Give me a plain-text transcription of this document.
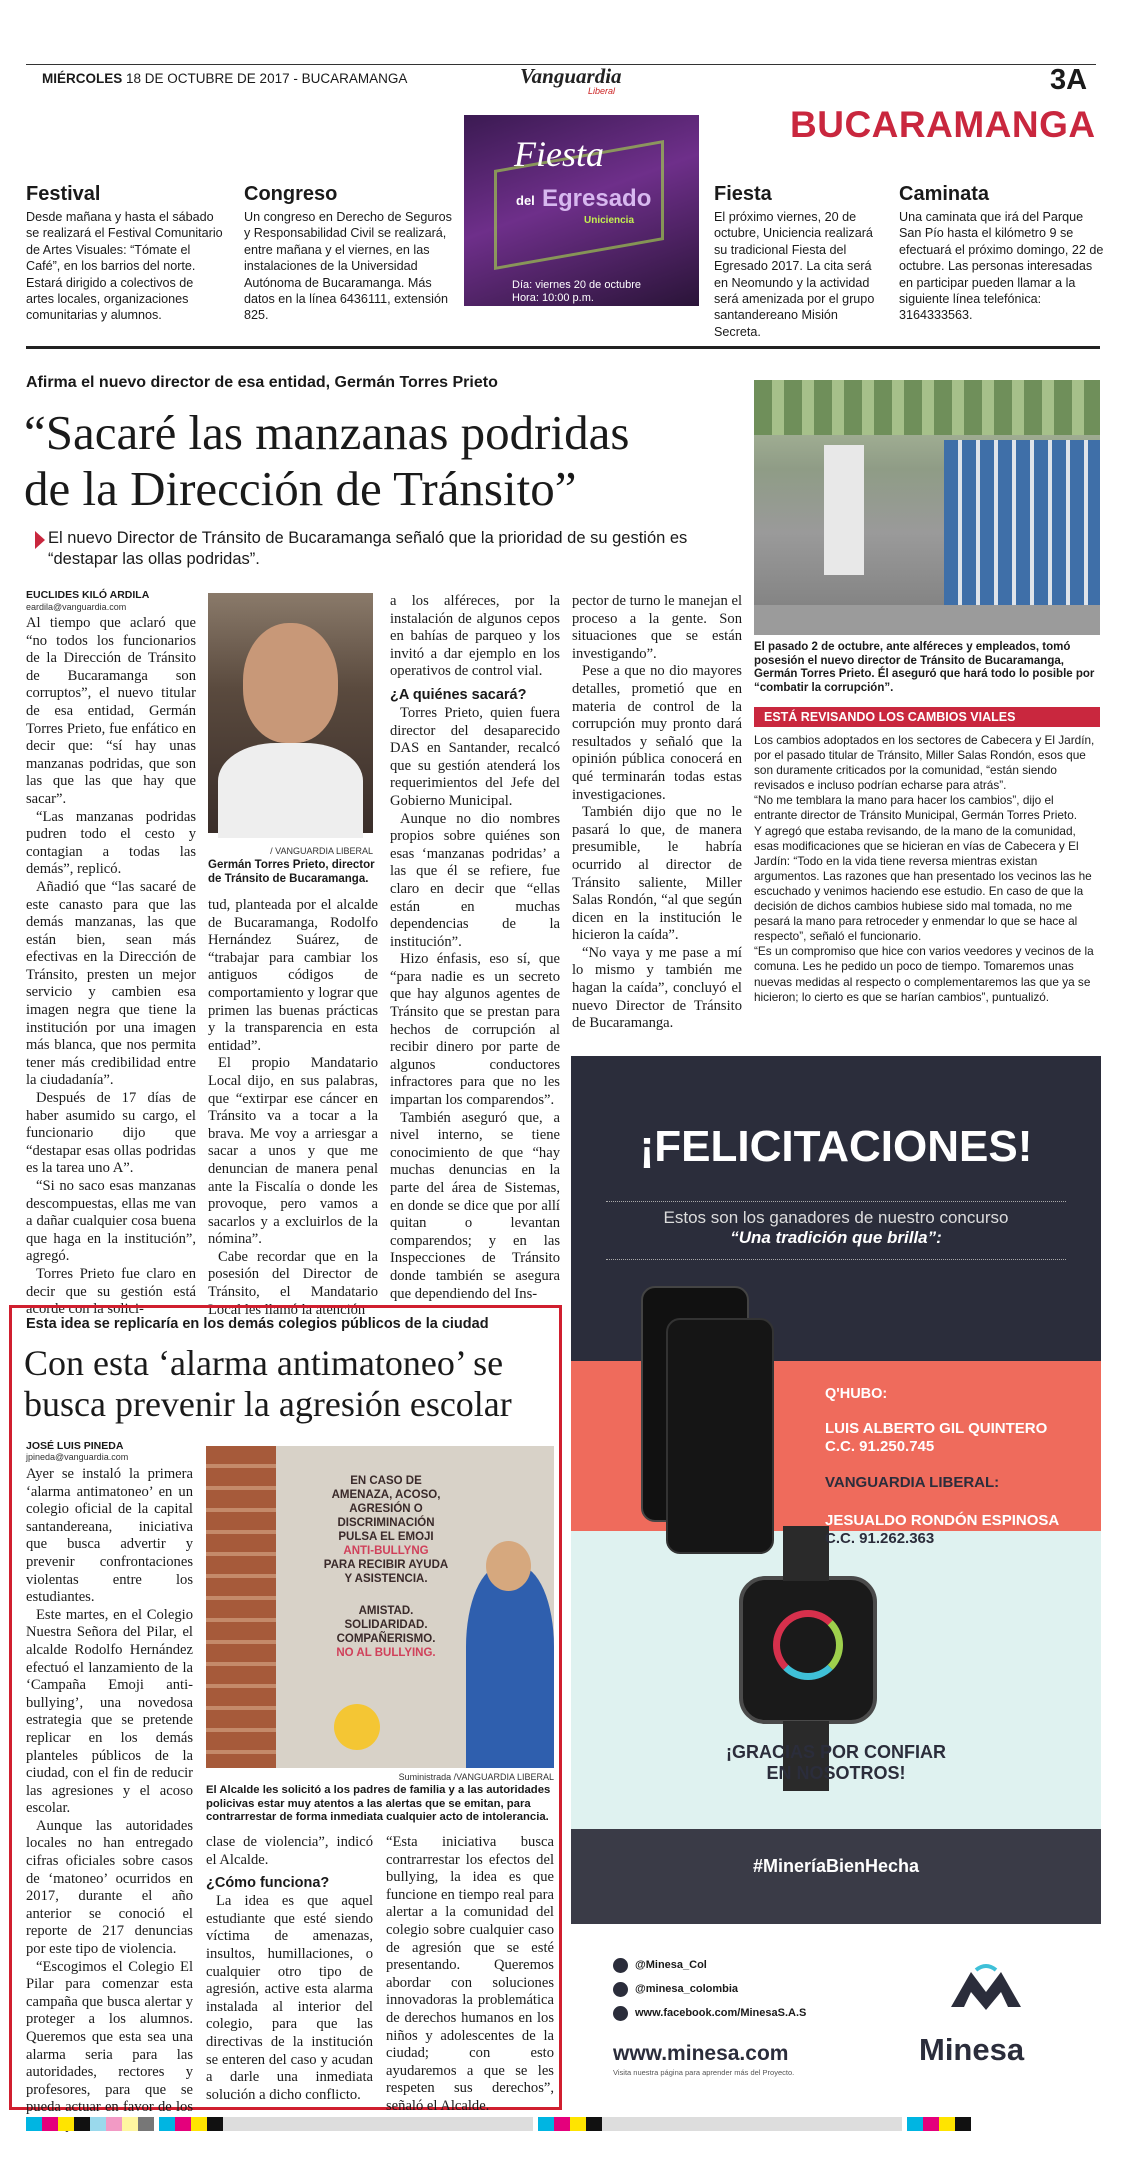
MIÉRCOLES 18 DE OCTUBRE DE 2017 - BUCARAMANGA	Vanguardia
Liberal	3A
BUCARAMANGA
Festival

Desde mañana y hasta el sábado se realizará el Festival Comunitario de Artes Visuales: “Tómate el Café”, en los barrios del norte. Estará dirigido a colectivos de artes locales, organizaciones comunitarias y alumnos.

Congreso

Un congreso en Derecho de Seguros y Responsabilidad Civil se realizará, entre mañana y el viernes, en las instalaciones de la Universidad Autónoma de Bucaramanga. Más datos en la línea 6436111, extensión 825.

Fiesta

El próximo viernes, 20 de octubre, Uniciencia realizará su tradicional Fiesta del Egresado 2017. La cita será en Neomundo y la actividad será amenizada por el grupo santandereano Misión Secreta.

Caminata

Una caminata que irá del Parque San Pío hasta el kilómetro 9 se efectuará el próximo domingo, 22 de octubre. Las personas interesadas en participar pueden llamar a la siguiente línea telefónica: 3164333563.

Fiesta
del Egresado
Uniciencia
Día: viernes 20 de octubre
Hora: 10:00 p.m.
Afirma el nuevo director de esa entidad, Germán Torres Prieto
“Sacaré las manzanas podridas
de la Dirección de Tránsito”
El nuevo Director de Tránsito de Bucaramanga señaló que la prioridad de su gestión es “destapar las ollas podridas”.
EUCLIDES KILÓ ARDILA
eardila@vanguardia.com

Al tiempo que aclaró que “no todos los funcionarios de la Dirección de Tránsito de Bucaramanga son corruptos”, el nuevo titular de esa entidad, Germán Torres Prieto, fue enfático en decir que: “sí hay unas manzanas podridas, que son las que las que hay que sacar”.

“Las manzanas podridas pudren todo el cesto y contagian a todas las demás”, replicó.

Añadió que “las sacaré de este canasto para que las demás manzanas, las que están bien, sean más efectivas en la Dirección de Tránsito, presten un mejor servicio y cambien esa imagen negra que tiene la institución por una imagen más blanca, que nos permita tener más credibilidad entre la ciudadanía”.

Después de 17 días de haber asumido su cargo, el funcionario dijo que “destapar esas ollas podridas es la tarea uno A”.

“Si no saco esas manzanas descompuestas, ellas me van a dañar cualquier cosa buena que haga en la institución”, agregó.

Torres Prieto fue claro en decir que su gestión está acorde con la solici-

/ VANGUARDIA LIBERAL
Germán Torres Prieto, director de Tránsito de Bucaramanga.

tud, planteada por el alcalde de Bucaramanga, Rodolfo Hernández Suárez, de “trabajar para cambiar los antiguos códigos de comportamiento y lograr que primen las buenas prácticas y la transparencia en esta entidad”.

El propio Mandatario Local dijo, en sus palabras, que “extirpar ese cáncer en Tránsito va a tocar a la brava. Me voy a arriesgar a sacar a unos y que me denuncian de manera penal ante la Fiscalía o donde les provoque, pero vamos a sacarlos y a excluirlos de la nómina”.

Cabe recordar que en la posesión del Director de Tránsito, el Mandatario Local les llamó la atención

a los alféreces, por la instalación de algunos cepos en bahías de parqueo y los invitó a dar ejemplo en los operativos de control vial.

¿A quiénes sacará?

Torres Prieto, quien fuera director del desaparecido DAS en Santander, recalcó que su gestión atenderá los requerimientos del Jefe del Gobierno Municipal.

Aunque no dio nombres propios sobre quiénes son esas ‘manzanas podridas’ a las que él se refiere, fue claro en decir que “ellas están en muchas dependencias de la institución”.

Hizo énfasis, eso sí, que “para nadie es un secreto que hay algunos agentes de Tránsito que se prestan para hechos de corrupción al recibir dinero por parte de algunos conductores infractores para que no les impartan los comparendos”.

También aseguró que, a nivel interno, se tiene conocimiento de que “hay muchas denuncias en la parte del área de Sistemas, en donde se dice que por allí quitan o levantan comparendos; y en las Inspecciones de Tránsito donde también se asegura que dependiendo del Ins-

pector de turno le manejan el proceso a la gente. Son situaciones que se están investigando”.

Pese a que no dio mayores detalles, prometió que en materia de control de la corrupción muy pronto dará resultados y señaló que la opinión pública conocerá en qué terminarán todas estas investigaciones.

También dijo que no le pasará lo que, de manera presumible, le habría ocurrido al director de Tránsito saliente, Miller Salas Rondón, “al que según dicen en la institución le hicieron la caída”.

“No vaya y me pase a mí lo mismo y también me hagan la caída”, concluyó el nuevo Director de Tránsito de Bucaramanga.

El pasado 2 de octubre, ante alféreces y empleados, tomó posesión el nuevo director de Tránsito de Bucaramanga, Germán Torres Prieto. Él aseguró que hará todo lo posible por “combatir la corrupción”.
ESTÁ REVISANDO LOS CAMBIOS VIALES
Los cambios adoptados en los sectores de Cabecera y El Jardín, por el pasado titular de Tránsito, Miller Salas Rondón, esos que son duramente criticados por la comunidad, “están siendo revisados e incluso podrían echarse para atrás”.
“No me temblara la mano para hacer los cambios”, dijo el entrante director de Tránsito Municipal, Germán Torres Prieto.
Y agregó que estaba revisando, de la mano de la comunidad, esas modificaciones que se hicieran en vías de Cabecera y El Jardín: “Todo en la vida tiene reversa mientras existan argumentos. Las razones que han presentado los vecinos las he escuchado y venimos haciendo ese estudio. En caso de que la decisión de dichos cambios hubiese sido mal tomada, no me pesará la mano para retroceder y enmendar lo que se hace al respecto”, señaló el funcionario.
“Es un compromiso que hice con varios veedores y vecinos de la comuna. Les he pedido un poco de tiempo. Tomaremos unas nuevas medidas al respecto o complementaremos las que ya se hicieron; lo cierto es que se harían cambios”, puntualizó.
Esta idea se replicaría en los demás colegios públicos de la ciudad
Con esta ‘alarma antimatoneo’ se
busca prevenir la agresión escolar
JOSÉ LUIS PINEDA
jpineda@vanguardia.com

Ayer se instaló la primera ‘alarma antimatoneo’ en un colegio oficial de la capital santandereana, iniciativa que busca advertir y prevenir confrontaciones violentas entre los estudiantes.

Este martes, en el Colegio Nuestra Señora del Pilar, el alcalde Rodolfo Hernández efectuó el lanzamiento de la ‘Campaña Emoji anti-bullying’, una novedosa estrategia que se pretende replicar en los demás planteles públicos de la ciudad, con el fin de reducir las agresiones y el acoso escolar.

Aunque las autoridades locales no han entregado cifras oficiales sobre casos de ‘matoneo’ ocurridos en 2017, durante el año anterior se conoció el reporte de 217 denuncias por este tipo de violencia.

“Escogimos el Colegio El Pilar para comenzar esta campaña que busca alertar y proteger a los alumnos. Queremos que esta sea una alarma seria para las autoridades, rectores y profesores, para que se pueda actuar en favor de los

EN CASO DE
AMENAZA, ACOSO,
AGRESIÓN O
DISCRIMINACIÓN
PULSA EL EMOJI
ANTI-BULLYNG
PARA RECIBIR AYUDA
Y ASISTENCIA.
AMISTAD.
SOLIDARIDAD.
COMPAÑERISMO.
NO AL BULLYING.
Suministrada /VANGUARDIA LIBERAL
El Alcalde les solicitó a los padres de familia y a las autoridades policivas estar muy atentos a las alertas que se emitan, para contrarrestar de forma inmediata cualquier acto de intolerancia.

clase de violencia”, indicó el Alcalde.

¿Cómo funciona?

La idea es que aquel estudiante que esté siendo víctima de amenazas, insultos, humillaciones, o cualquier otro tipo de agresión, active esta alarma instalada al interior del colegio, para que las directivas de la institución se enteren del caso y acudan a darle una inmediata solución a dicho conflicto.

“Esta iniciativa busca contrarrestar los efectos del bullying, la idea es que funcione en tiempo real para alertar a la comunidad del colegio sobre cualquier caso de agresión que se esté presentando. Queremos abordar con soluciones innovadoras la problemática de derechos humanos en los niños y adolescentes de la ciudad; con esto ayudaremos a que se les respeten sus derechos”, señaló el Alcalde.

¡FELICITACIONES!
Estos son los ganadores de nuestro concurso
“Una tradición que brilla”:
Q'HUBO:
LUIS ALBERTO GIL QUINTERO
C.C. 91.250.745
VANGUARDIA LIBERAL:
JESUALDO RONDÓN ESPINOSA
C.C. 91.262.363
¡GRACIAS POR CONFIAR
EN NOSOTROS!
#MineríaBienHecha
@Minesa_Col
@minesa_colombia
www.facebook.com/MinesaS.A.S
www.minesa.com
Visita nuestra página para aprender más del Proyecto.
Minesa
